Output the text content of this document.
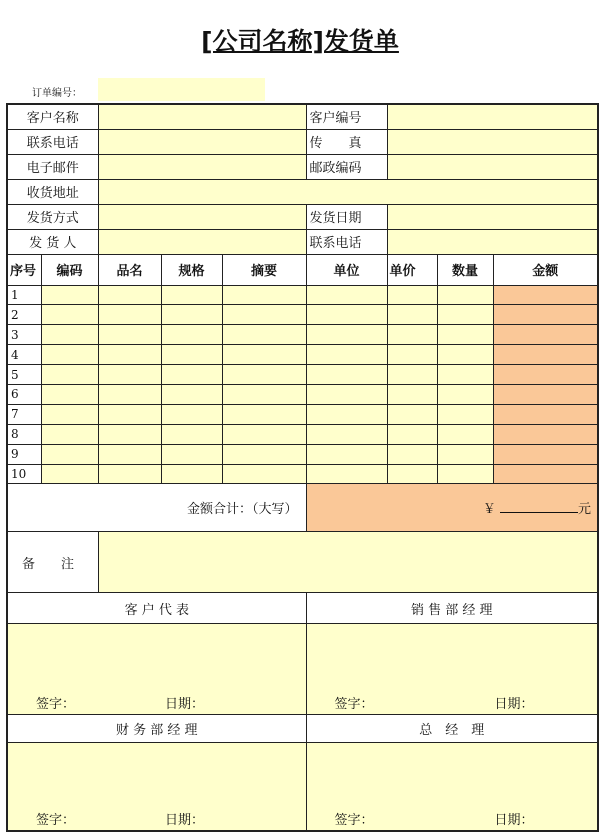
[公司名称]发货单
订单编号：
客户名称					客户编号			
联系电话					传　　真			
电子邮件					邮政编码			
收货地址								
发货方式					发货日期			
发 货 人					联系电话			
序号	编码	品名	规格	摘要	单位	单价	数量	金额
1								
2								
3								
4								
5								
6								
7								
8								
9								
10								
金额合计：（大写）					￥ 元			
备　　注								
客 户 代 表					销 售 部 经 理			

签字： 日期：					签字： 日期：			

财 务 部 经 理					总　经　理			

签字： 日期：					签字： 日期：			
